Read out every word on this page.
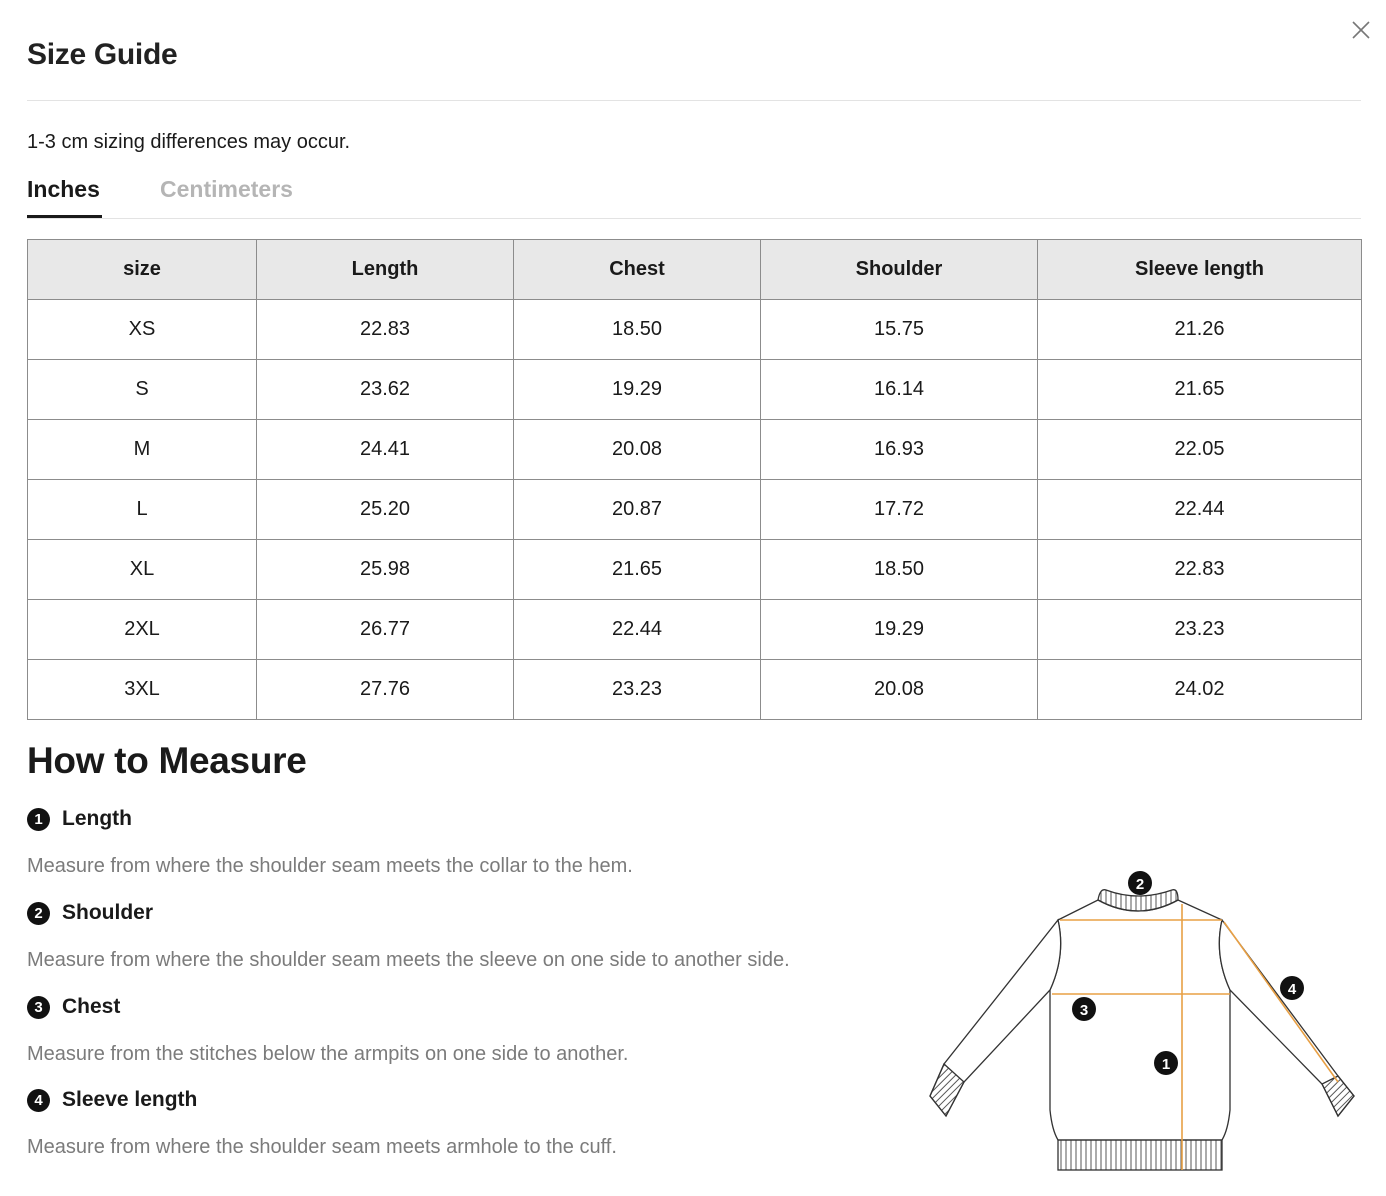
Size Guide
1-3 cm sizing differences may occur.
Inches	Centimeters
size	Length	Chest	Shoulder	Sleeve length
XS	22.83	18.50	15.75	21.26
S	23.62	19.29	16.14	21.65
M	24.41	20.08	16.93	22.05
L	25.20	20.87	17.72	22.44
XL	25.98	21.65	18.50	22.83
2XL	26.77	22.44	19.29	23.23
3XL	27.76	23.23	20.08	24.02
How to Measure
1 Length
Measure from where the shoulder seam meets the collar to the hem.
2 Shoulder
Measure from where the shoulder seam meets the sleeve on one side to another side.
3 Chest
Measure from the stitches below the armpits on one side to another.
4 Sleeve length
Measure from where the shoulder seam meets armhole to the cuff.
2
3
1
4
